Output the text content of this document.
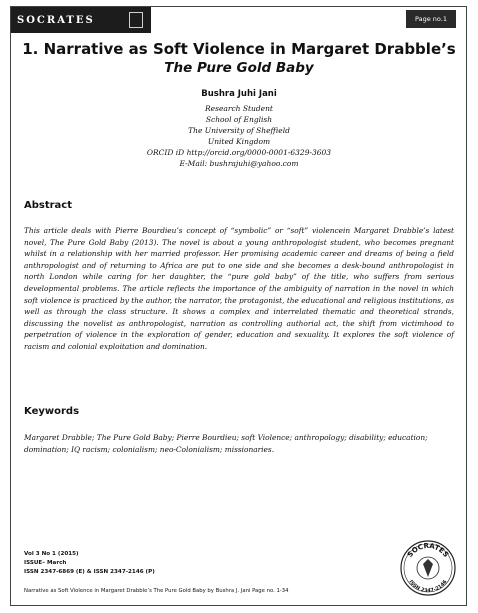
SOCRATES	Page no.1
1. Narrative as Soft Violence in Margaret Drabble’s
The Pure Gold Baby
Bushra Juhi Jani
Research Student
School of English
The University of Sheffield
United Kingdom
ORCID iD http://orcid.org/0000-0001-6329-3603
E-Mail: bushrajuhi@yahoo.com
Abstract

This article deals with Pierre Bourdieu’s concept of “symbolic” or “soft” violencein Margaret Drabble’s latest novel, The Pure Gold Baby (2013). The novel is about a young anthropologist student, who becomes pregnant whilst in a relationship with her married professor. Her promising academic career and dreams of being a field anthropologist and of returning to Africa are put to one side and she becomes a desk-bound anthropologist in north London while caring for her daughter, the “pure gold baby” of the title, who suffers from serious developmental problems. The article reflects the importance of the ambiguity of narration in the novel in which soft violence is practiced by the author, the narrator, the protagonist, the educational and religious institutions, as well as through the class structure. It shows a complex and interrelated thematic and theoretical strands, discussing the novelist as anthropologist, narration as controlling authorial act, the shift from victimhood to perpetration of violence in the exploration of gender, education and sexuality. It explores the soft violence of racism and colonial exploitation and domination.

Keywords

Margaret Drabble; The Pure Gold Baby; Pierre Bourdieu; soft Violence; anthropology; disability; education; domination; IQ racism; colonialism; neo-Colonialism; missionaries.

Vol 3 No 1 (2015)
ISSUE– March
ISSN 2347-6869 (E) & ISSN 2347-2146 (P)
Narrative as Soft Violence in Margaret Drabble’s The Pure Gold Baby by Bushra J. Jani Page no. 1-34
SOCRATES
ISSN 2347-2146
